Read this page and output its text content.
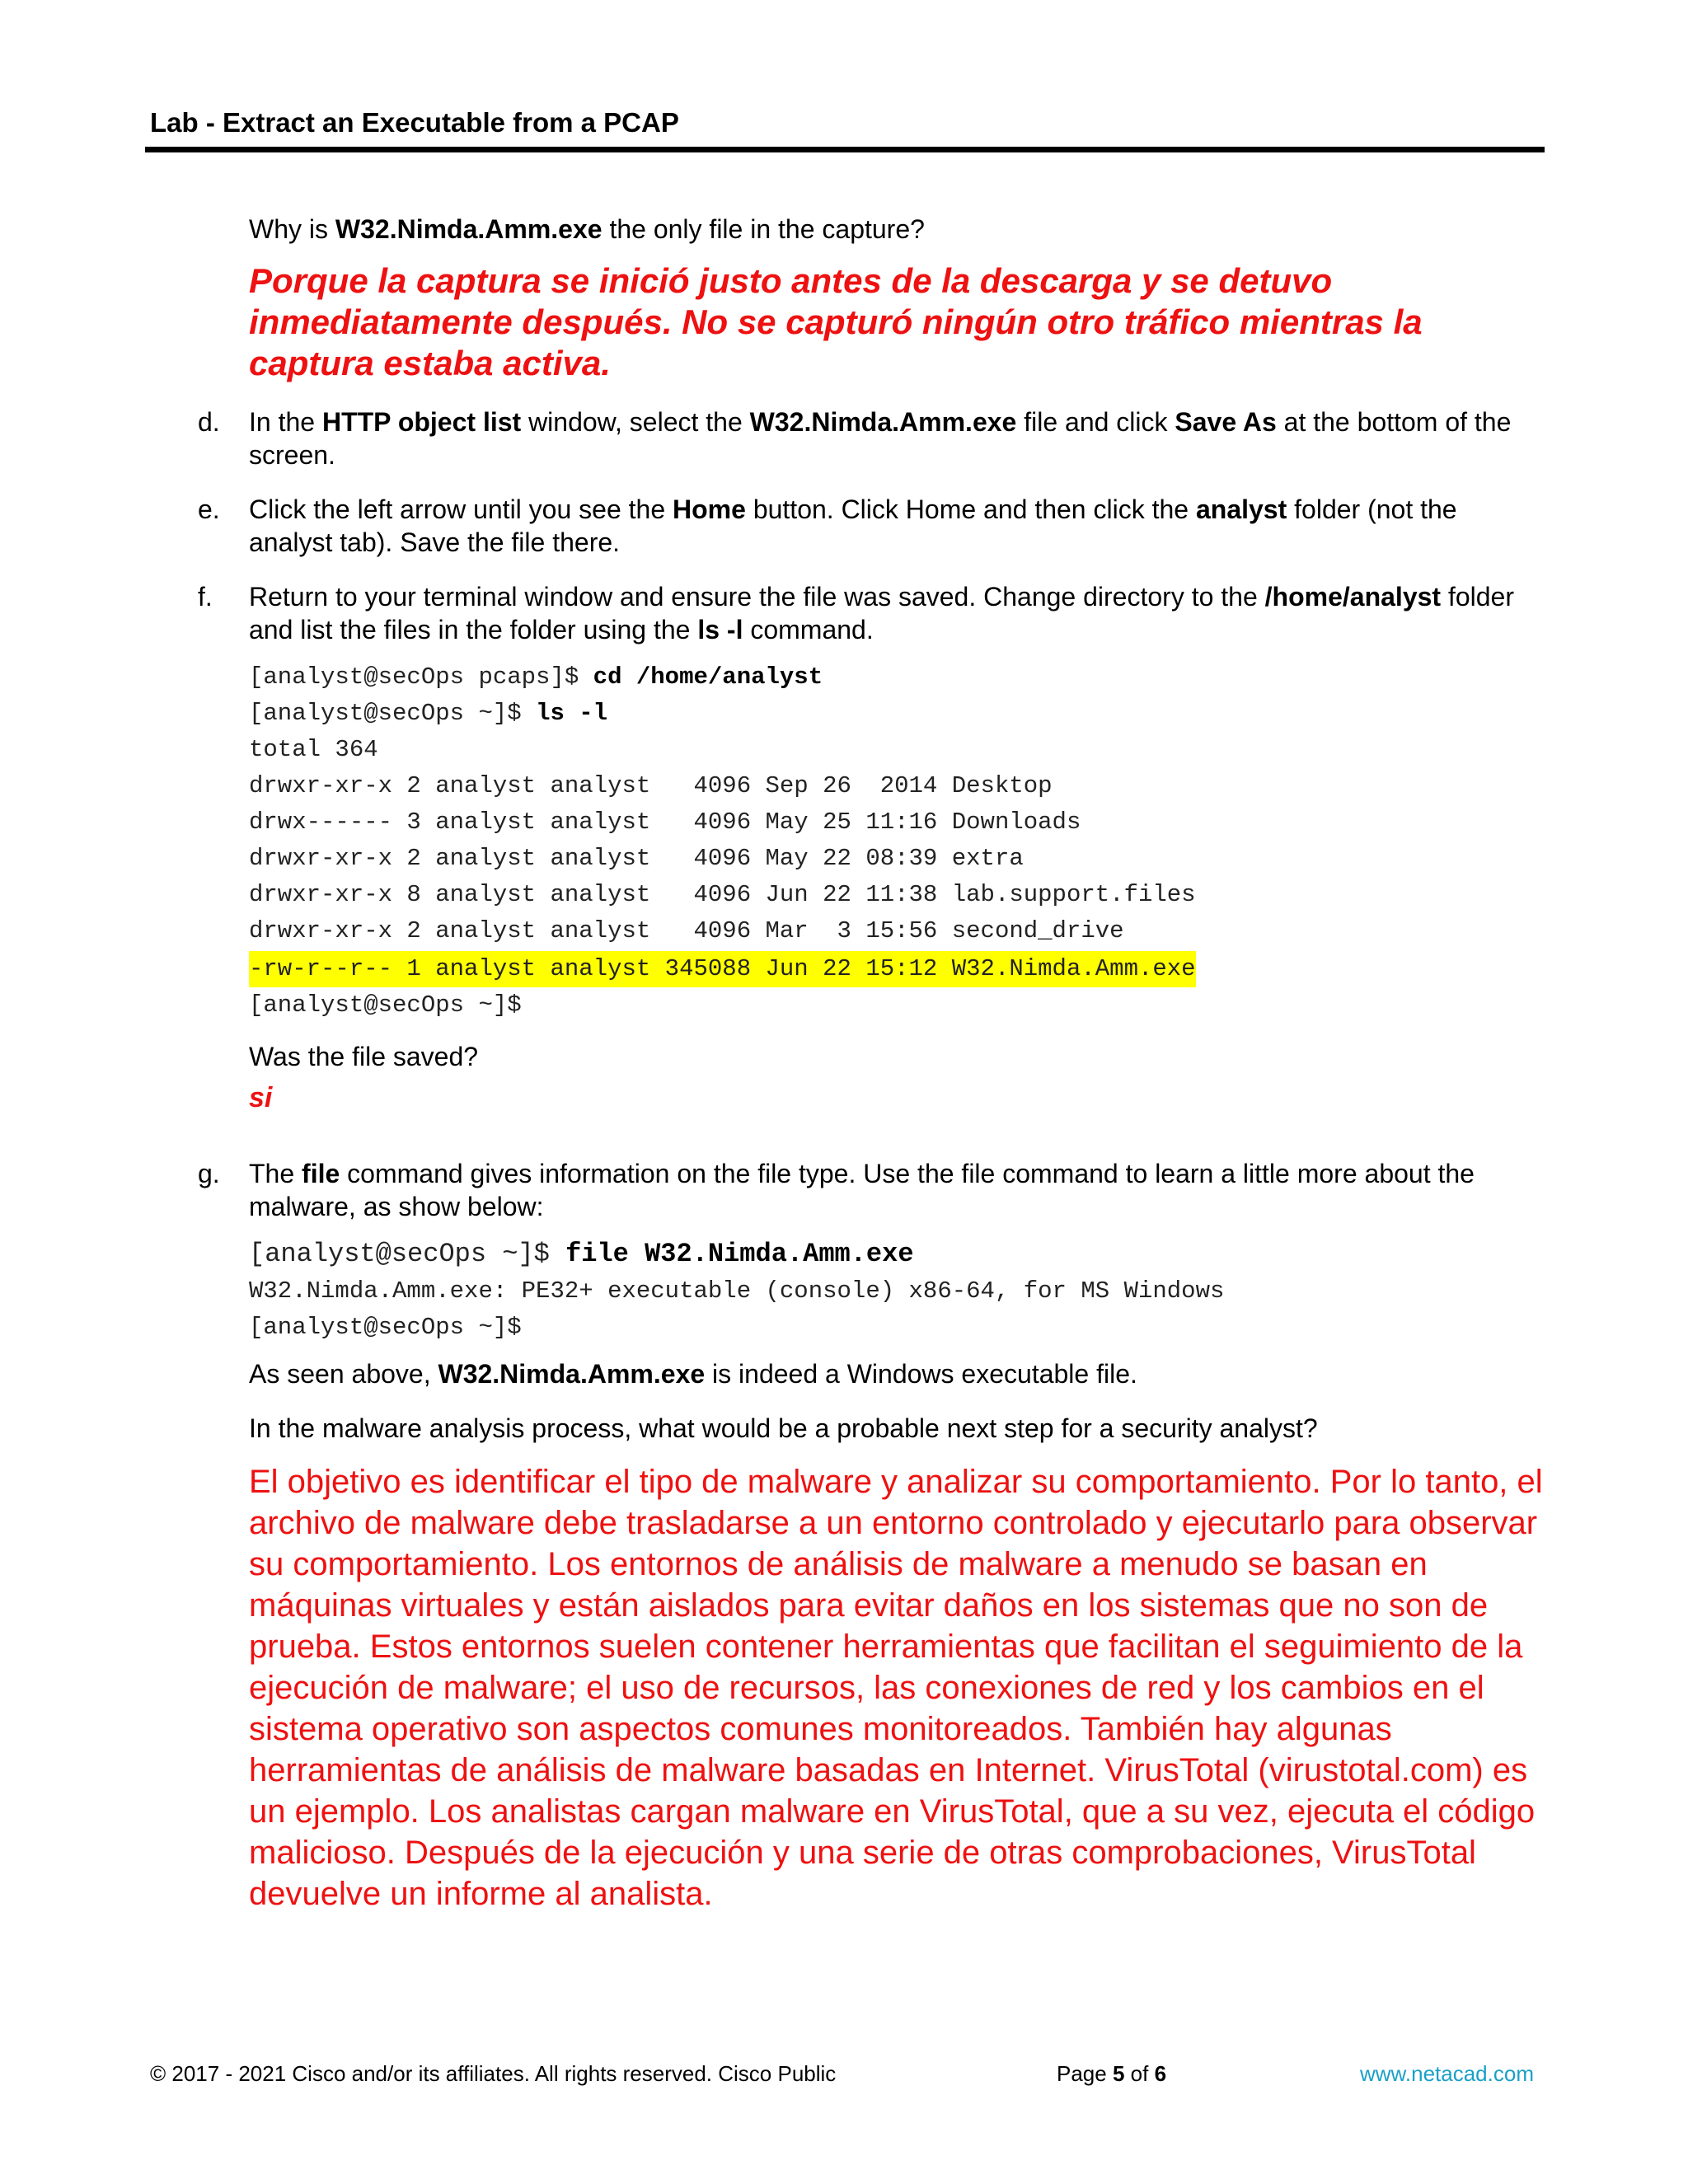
Lab - Extract an Executable from a PCAP

Why is W32.Nimda.Amm.exe the only file in the capture?

Porque la captura se inició justo antes de la descarga y se detuvo inmediatamente después. No se capturó ningún otro tráfico mientras la captura estaba activa.

d. In the HTTP object list window, select the W32.Nimda.Amm.exe file and click Save As at the bottom of the screen.
e. Click the left arrow until you see the Home button. Click Home and then click the analyst folder (not the analyst tab). Save the file there.
f. Return to your terminal window and ensure the file was saved. Change directory to the /home/analyst folder and list the files in the folder using the ls -l command.
[analyst@secOps pcaps]$ cd /home/analyst
[analyst@secOps ~]$ ls -l
total 364
drwxr-xr-x 2 analyst analyst   4096 Sep 26  2014 Desktop
drwx------ 3 analyst analyst   4096 May 25 11:16 Downloads
drwxr-xr-x 2 analyst analyst   4096 May 22 08:39 extra
drwxr-xr-x 8 analyst analyst   4096 Jun 22 11:38 lab.support.files
drwxr-xr-x 2 analyst analyst   4096 Mar  3 15:56 second_drive
-rw-r--r-- 1 analyst analyst 345088 Jun 22 15:12 W32.Nimda.Amm.exe
[analyst@secOps ~]$

Was the file saved?

si

g. The file command gives information on the file type. Use the file command to learn a little more about the malware, as show below:
[analyst@secOps ~]$ file W32.Nimda.Amm.exe
W32.Nimda.Amm.exe: PE32+ executable (console) x86-64, for MS Windows
[analyst@secOps ~]$

As seen above, W32.Nimda.Amm.exe is indeed a Windows executable file.

In the malware analysis process, what would be a probable next step for a security analyst?

El objetivo es identificar el tipo de malware y analizar su comportamiento. Por lo tanto, el archivo de malware debe trasladarse a un entorno controlado y ejecutarlo para observar su comportamiento. Los entornos de análisis de malware a menudo se basan en máquinas virtuales y están aislados para evitar daños en los sistemas que no son de prueba. Estos entornos suelen contener herramientas que facilitan el seguimiento de la ejecución de malware; el uso de recursos, las conexiones de red y los cambios en el sistema operativo son aspectos comunes monitoreados. También hay algunas herramientas de análisis de malware basadas en Internet. VirusTotal (virustotal.com) es un ejemplo. Los analistas cargan malware en VirusTotal, que a su vez, ejecuta el código malicioso. Después de la ejecución y una serie de otras comprobaciones, VirusTotal devuelve un informe al analista.

© 2017 - 2021 Cisco and/or its affiliates. All rights reserved. Cisco Public	Page 5 of 6	www.netacad.com
